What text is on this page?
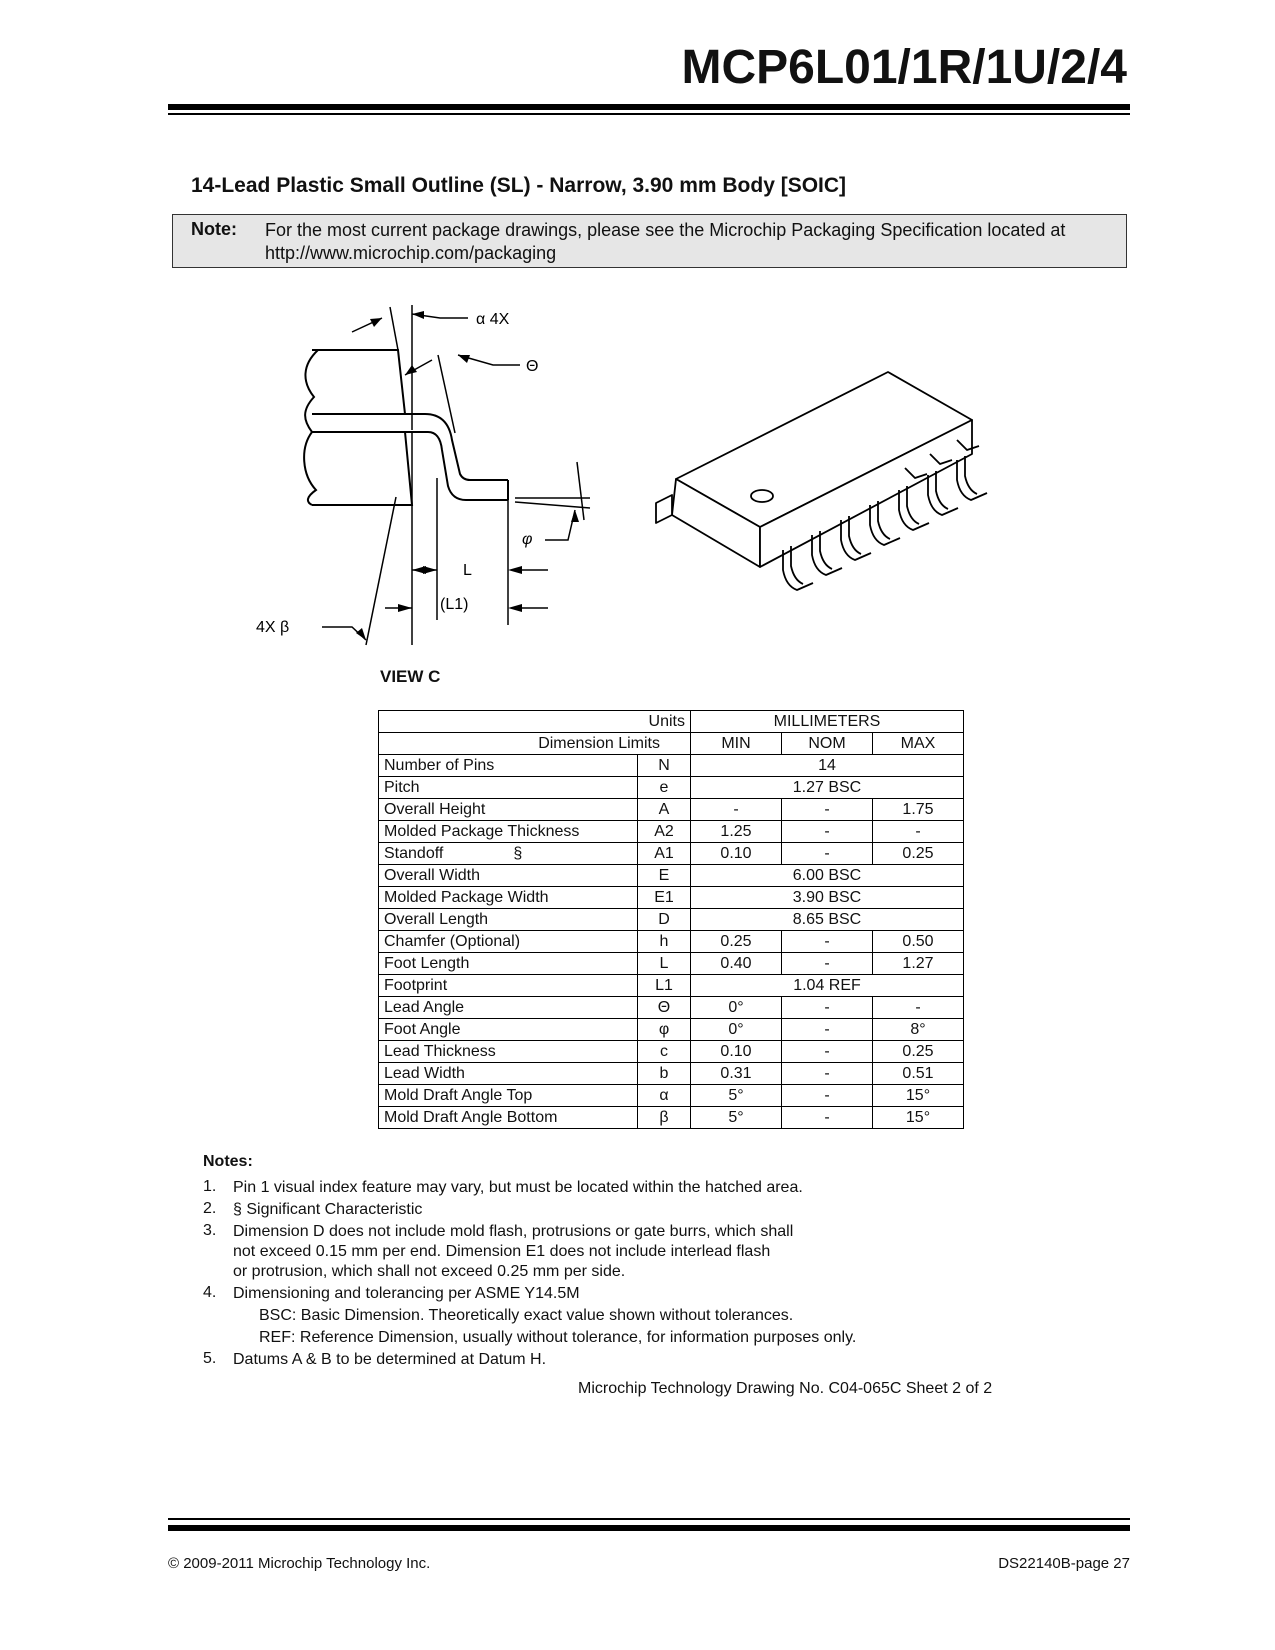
MCP6L01/1R/1U/2/4
14-Lead Plastic Small Outline (SL) - Narrow, 3.90 mm Body [SOIC]
Note: For the most current package drawings, please see the Microchip Packaging Specification located at
http://www.microchip.com/packaging
α 4X
Θ
φ
L
(L1)
4X β
VIEW C
Units		MILLIMETERS		
Dimension Limits		MIN	NOM	MAX
Number of Pins	N	14		
Pitch	e	1.27 BSC		
Overall Height	A	-	-	1.75
Molded Package Thickness	A2	1.25	-	-
Standoff §	A1	0.10	-	0.25
Overall Width	E	6.00 BSC		
Molded Package Width	E1	3.90 BSC		
Overall Length	D	8.65 BSC		
Chamfer (Optional)	h	0.25	-	0.50
Foot Length	L	0.40	-	1.27
Footprint	L1	1.04 REF		
Lead Angle	Θ	0°	-	-
Foot Angle	φ	0°	-	8°
Lead Thickness	c	0.10	-	0.25
Lead Width	b	0.31	-	0.51
Mold Draft Angle Top	α	5°	-	15°
Mold Draft Angle Bottom	β	5°	-	15°
Notes:
1. Pin 1 visual index feature may vary, but must be located within the hatched area.
2. § Significant Characteristic
3. Dimension D does not include mold flash, protrusions or gate burrs, which shall
not exceed 0.15 mm per end. Dimension E1 does not include interlead flash
or protrusion, which shall not exceed 0.25 mm per side.
4. Dimensioning and tolerancing per ASME Y14.5M
BSC: Basic Dimension. Theoretically exact value shown without tolerances.
REF: Reference Dimension, usually without tolerance, for information purposes only.
5. Datums A & B to be determined at Datum H.
Microchip Technology Drawing No. C04-065C Sheet 2 of 2
© 2009-2011 Microchip Technology Inc.	DS22140B-page 27
